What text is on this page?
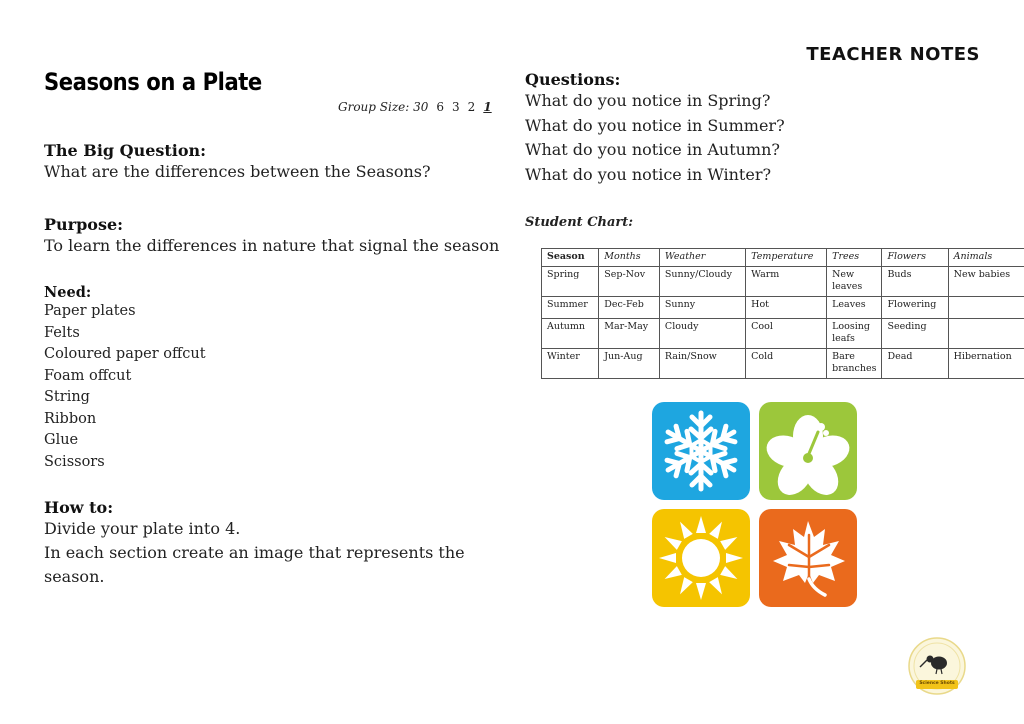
TEACHER NOTES
Seasons on a Plate
Group Size: 30 6 3 2 1
The Big Question:
What are the differences between the Seasons?
Purpose:
To learn the differences in nature that signal the season
Need:
Paper plates
Felts
Coloured paper offcut
Foam offcut
String
Ribbon
Glue
Scissors
How to:
Divide your plate into 4.
In each section create an image that represents the
season.
Questions:
What do you notice in Spring?
What do you notice in Summer?
What do you notice in Autumn?
What do you notice in Winter?
Student Chart:
Season	Months	Weather	Temperature	Trees	Flowers	Animals
Spring	Sep-Nov	Sunny/Cloudy	Warm	New leaves	Buds	New babies
Summer	Dec-Feb	Sunny	Hot	Leaves	Flowering	
Autumn	Mar-May	Cloudy	Cool	Loosing leafs	Seeding	
Winter	Jun-Aug	Rain/Snow	Cold	Bare branches	Dead	Hibernation
Science Shots
